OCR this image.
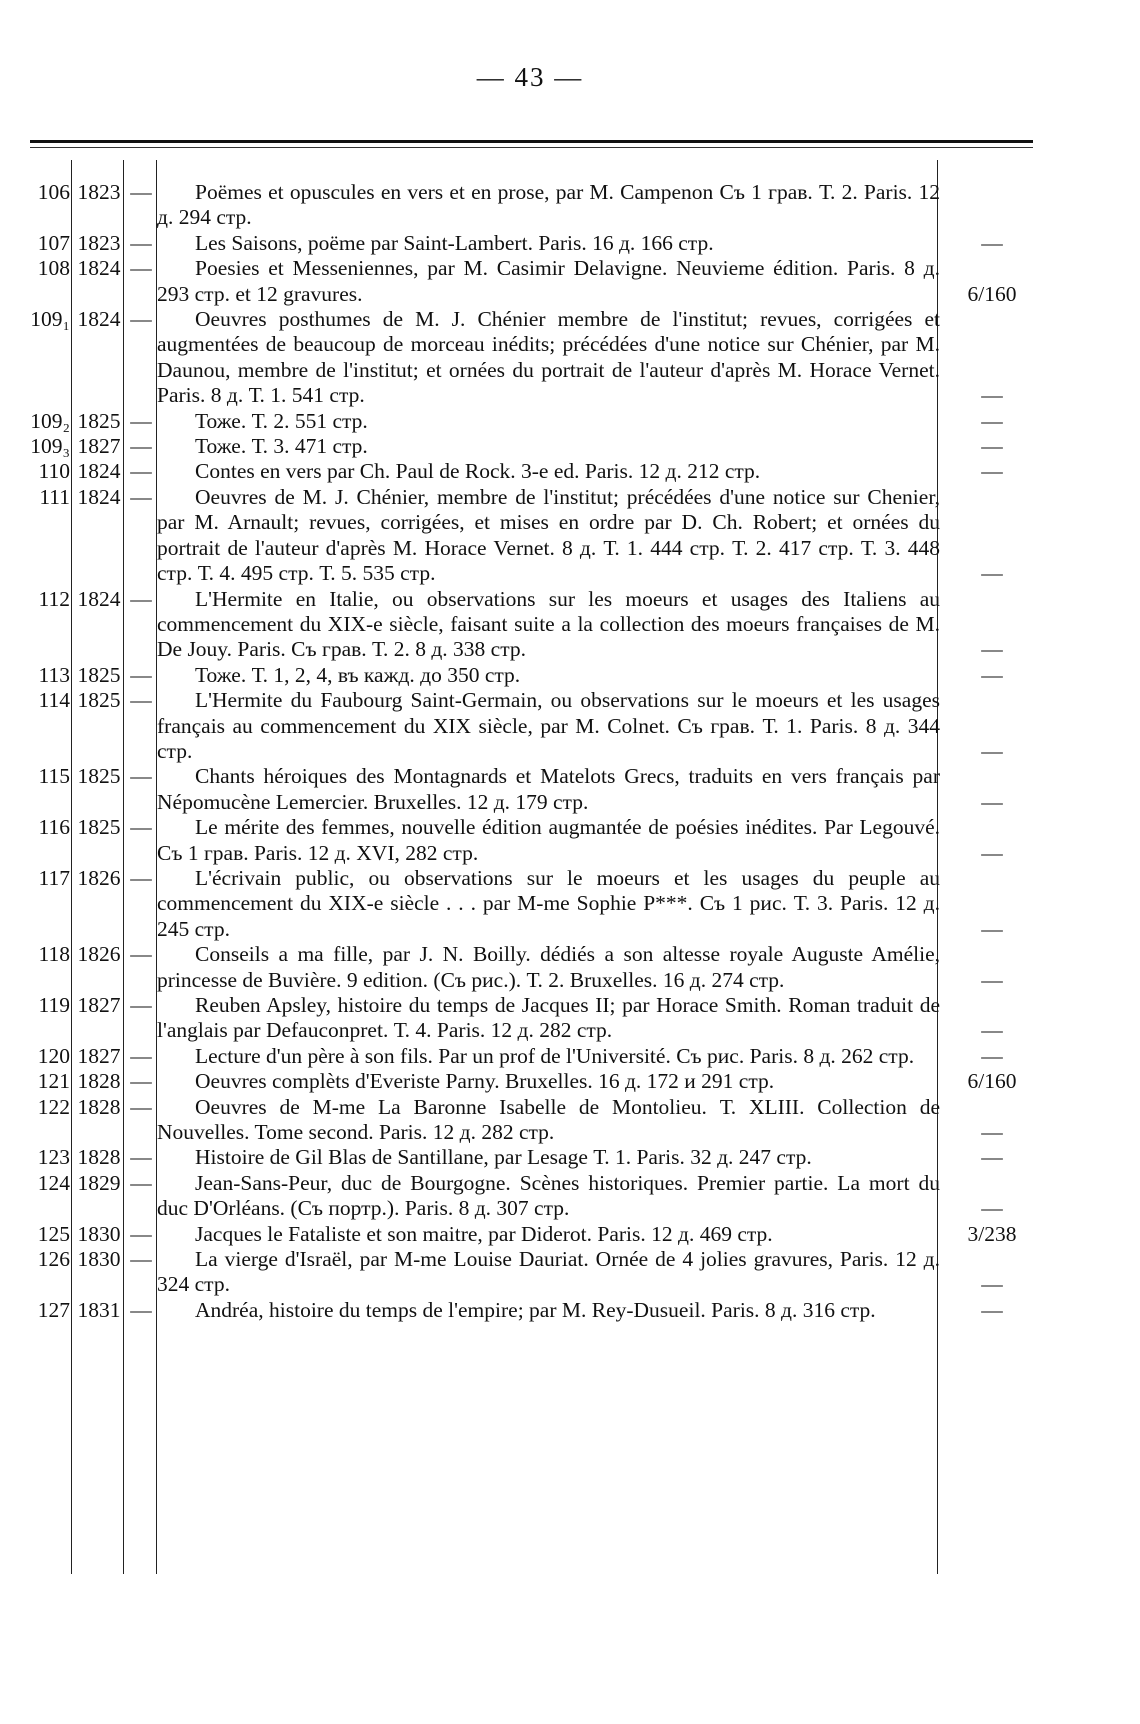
— 43 —
106	1823	—		Poëmes et opuscules en vers et en prose, par M. Campenon Съ 1 грав. Т. 2. Paris. 12 д. 294 стр.	

107	1823	—		Les Saisons, poëme par Saint-Lambert. Paris. 16 д. 166 стр.	—
108	1824	—		Poesies et Messeniennes, par M. Casimir Delavigne. Neuvieme édition. Paris. 8 д. 293 стр. et 12 gravures.	6/160
109₁	1824	—		Oeuvres posthumes de M. J. Chénier membre de l'institut; revues, corrigées et augmentées de beaucoup de morceau inédits; précédées d'une notice sur Chénier, par M. Daunou, membre de l'institut; et ornées du portrait de l'auteur d'après M. Horace Vernet. Paris. 8 д. Т. 1. 541 стр.	—
109₂	1825	—		Тоже. Т. 2. 551 стр.	—
109₃	1827	—		Тоже. Т. 3. 471 стр.	—
110	1824	—		Contes en vers par Ch. Paul de Rock. 3-e ed. Paris. 12 д. 212 стр.	—
111	1824	—		Oeuvres de M. J. Chénier, membre de l'institut; précédées d'une notice sur Chenier, par M. Arnault; revues, corrigées, et mises en ordre par D. Ch. Robert; et ornées du portrait de l'auteur d'après M. Horace Vernet. 8 д. Т. 1. 444 стр. Т. 2. 417 стр. Т. 3. 448 стр. Т. 4. 495 стр. Т. 5. 535 стр.	—
112	1824	—		L'Hermite en Italie, ou observations sur les moeurs et usages des Italiens au commencement du XIX-e siècle, faisant suite a la collection des moeurs françaises de M. De Jouy. Paris. Съ грав. Т. 2. 8 д. 338 стр.	—
113	1825	—		Тоже. Т. 1, 2, 4, въ кажд. до 350 стр.	—
114	1825	—		L'Hermite du Faubourg Saint-Germain, ou observations sur le moeurs et les usages français au commencement du XIX siècle, par M. Colnet. Съ грав. Т. 1. Paris. 8 д. 344 стр.	—
115	1825	—		Chants héroiques des Montagnards et Matelots Grecs, traduits en vers français par Népomucène Lemercier. Bruxelles. 12 д. 179 стр.	—
116	1825	—		Le mérite des femmes, nouvelle édition augmantée de poésies inédites. Par Legouvé. Съ 1 грав. Paris. 12 д. XVI, 282 стр.	—
117	1826	—		L'écrivain public, ou observations sur le moeurs et les usages du peuple au commencement du XIX-e siècle . . . par M-me Sophie P***. Съ 1 рис. Т. 3. Paris. 12 д. 245 стр.	—
118	1826	—		Conseils a ma fille, par J. N. Boilly. dédiés a son altesse royale Auguste Amélie, princesse de Buvière. 9 edition. (Съ рис.). Т. 2. Bruxelles. 16 д. 274 стр.	—
119	1827	—		Reuben Apsley, histoire du temps de Jacques II; par Horace Smith. Roman traduit de l'anglais par Defauconpret. Т. 4. Paris. 12 д. 282 стр.	—
120	1827	—		Lecture d'un père à son fils. Par un prof de l'Université. Съ рис. Paris. 8 д. 262 стр.	—
121	1828	—		Oeuvres complèts d'Everiste Parny. Bruxelles. 16 д. 172 и 291 стр.	6/160
122	1828	—		Oeuvres de M-me La Baronne Isabelle de Montolieu. Т. XLIII. Collection de Nouvelles. Tome second. Paris. 12 д. 282 стр.	—
123	1828	—		Histoire de Gil Blas de Santillane, par Lesage Т. 1. Paris. 32 д. 247 стр.	—
124	1829	—		Jean-Sans-Peur, duc de Bourgogne. Scènes historiques. Premier partie. La mort du duc D'Orléans. (Съ портр.). Paris. 8 д. 307 стр.	—
125	1830	—		Jacques le Fataliste et son maitre, par Diderot. Paris. 12 д. 469 стр.	3/238
126	1830	—		La vierge d'Israël, par M-me Louise Dauriat. Ornée de 4 jolies gravures, Paris. 12 д. 324 стр.	—
127	1831	—		Andréa, histoire du temps de l'empire; par M. Rey-Dusueil. Paris. 8 д. 316 стр.	—
